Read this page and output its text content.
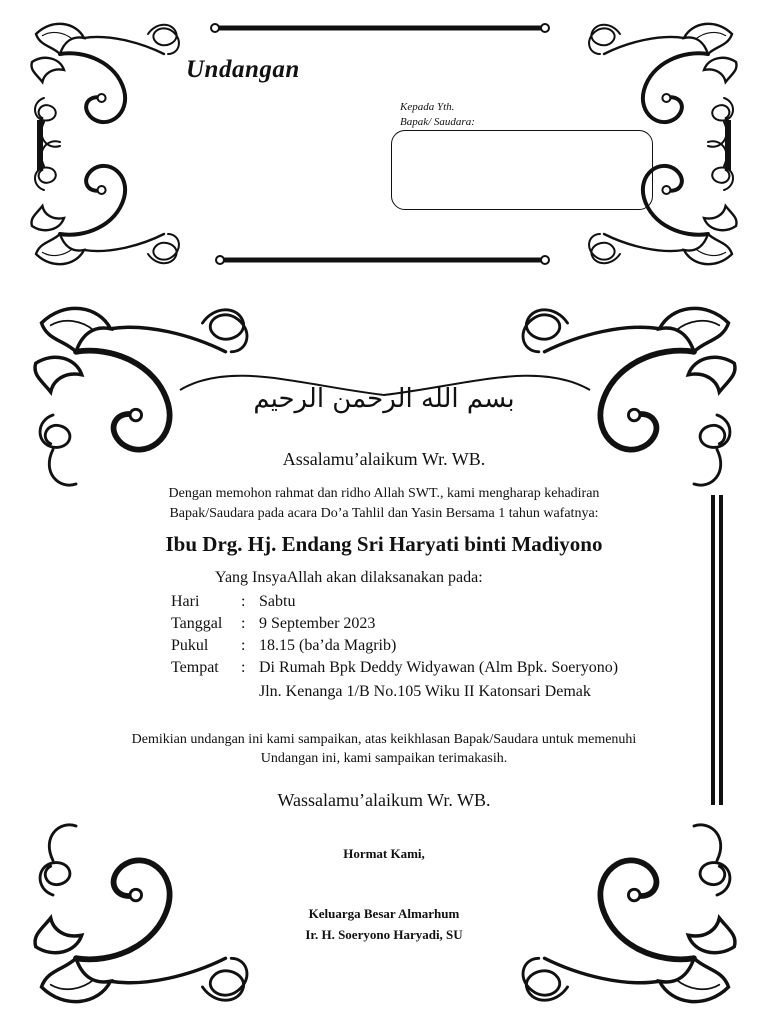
Undangan
Kepada Yth.
Bapak/ Saudara:
بسم الله الرحمن الرحيم
Assalamu’alaikum Wr. WB.
Dengan memohon rahmat dan ridho Allah SWT., kami mengharap kehadiran
Bapak/Saudara pada acara Do’a Tahlil dan Yasin Bersama 1 tahun wafatnya:
Ibu Drg. Hj. Endang Sri Haryati binti Madiyono
Yang InsyaAllah akan dilaksanakan pada:
Hari	: Sabtu
Tanggal : 9 September 2023
Pukul : 18.15 (ba’da Magrib)
Tempat : Di Rumah Bpk Deddy Widyawan (Alm Bpk. Soeryono)
Jln. Kenanga 1/B No.105 Wiku II Katonsari Demak
Demikian undangan ini kami sampaikan, atas keikhlasan Bapak/Saudara untuk memenuhi
Undangan ini, kami sampaikan terimakasih.
Wassalamu’alaikum Wr. WB.
Hormat Kami,
Keluarga Besar Almarhum
Ir. H. Soeryono Haryadi, SU
